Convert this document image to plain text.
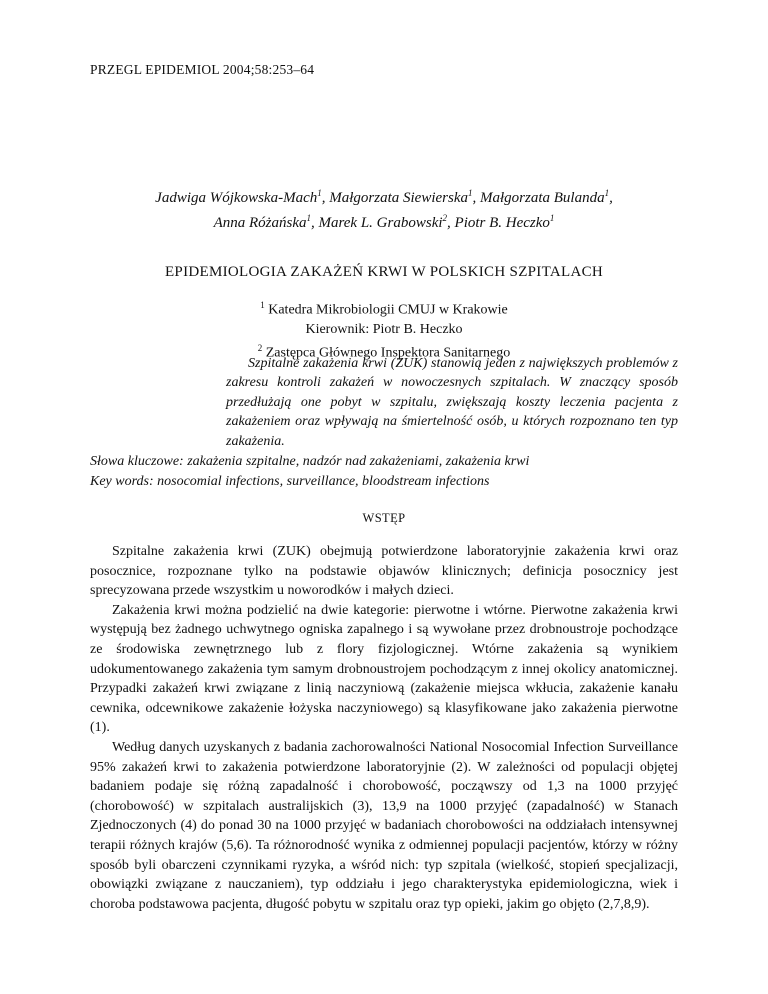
PRZEGL EPIDEMIOL 2004;58:253–64
Jadwiga Wójkowska-Mach$^1$, Małgorzata Siewierska$^1$, Małgorzata Bulanda$^1$,
Anna Różańska$^1$, Marek L. Grabowski$^2$, Piotr B. Heczko$^1$
EPIDEMIOLOGIA ZAKAŻEŃ KRWI W POLSKICH SZPITALACH
$^1$ Katedra Mikrobiologii CMUJ w Krakowie
Kierownik: Piotr B. Heczko
$^2$ Zastępca Głównego Inspektora Sanitarnego

Szpitalne zakażenia krwi (ZUK) stanowią jeden z największych problemów z zakresu kontroli zakażeń w nowoczesnych szpitalach. W znaczący sposób przedłużają one pobyt w szpitalu, zwiększają koszty leczenia pacjenta z zakażeniem oraz wpływają na śmiertelność osób, u których rozpoznano ten typ zakażenia.

Słowa kluczowe: zakażenia szpitalne, nadzór nad zakażeniami, zakażenia krwi
Key words: nosocomial infections, surveillance, bloodstream infections
WSTĘP

Szpitalne zakażenia krwi (ZUK) obejmują potwierdzone laboratoryjnie zakażenia krwi oraz posocznice, rozpoznane tylko na podstawie objawów klinicznych; definicja posocznicy jest sprecyzowana przede wszystkim u noworodków i małych dzieci.

Zakażenia krwi można podzielić na dwie kategorie: pierwotne i wtórne. Pierwotne zakażenia krwi występują bez żadnego uchwytnego ogniska zapalnego i są wywołane przez drobnoustroje pochodzące ze środowiska zewnętrznego lub z flory fizjologicznej. Wtórne zakażenia są wynikiem udokumentowanego zakażenia tym samym drobnoustrojem pochodzącym z innej okolicy anatomicznej. Przypadki zakażeń krwi związane z linią naczyniową (zakażenie miejsca wkłucia, zakażenie kanału cewnika, odcewnikowe zakażenie łożyska naczyniowego) są klasyfikowane jako zakażenia pierwotne (1).

Według danych uzyskanych z badania zachorowalności National Nosocomial Infection Surveillance 95% zakażeń krwi to zakażenia potwierdzone laboratoryjnie (2). W zależności od populacji objętej badaniem podaje się różną zapadalność i chorobowość, począwszy od 1,3 na 1000 przyjęć (chorobowość) w szpitalach australijskich (3), 13,9 na 1000 przyjęć (zapadalność) w Stanach Zjednoczonych (4) do ponad 30 na 1000 przyjęć w badaniach chorobowości na oddziałach intensywnej terapii różnych krajów (5,6). Ta różnorodność wynika z odmiennej populacji pacjentów, którzy w różny sposób byli obarczeni czynnikami ryzyka, a wśród nich: typ szpitala (wielkość, stopień specjalizacji, obowiązki związane z nauczaniem), typ oddziału i jego charakterystyka epidemiologiczna, wiek i choroba podstawowa pacjenta, długość pobytu w szpitalu oraz typ opieki, jakim go objęto (2,7,8,9).
